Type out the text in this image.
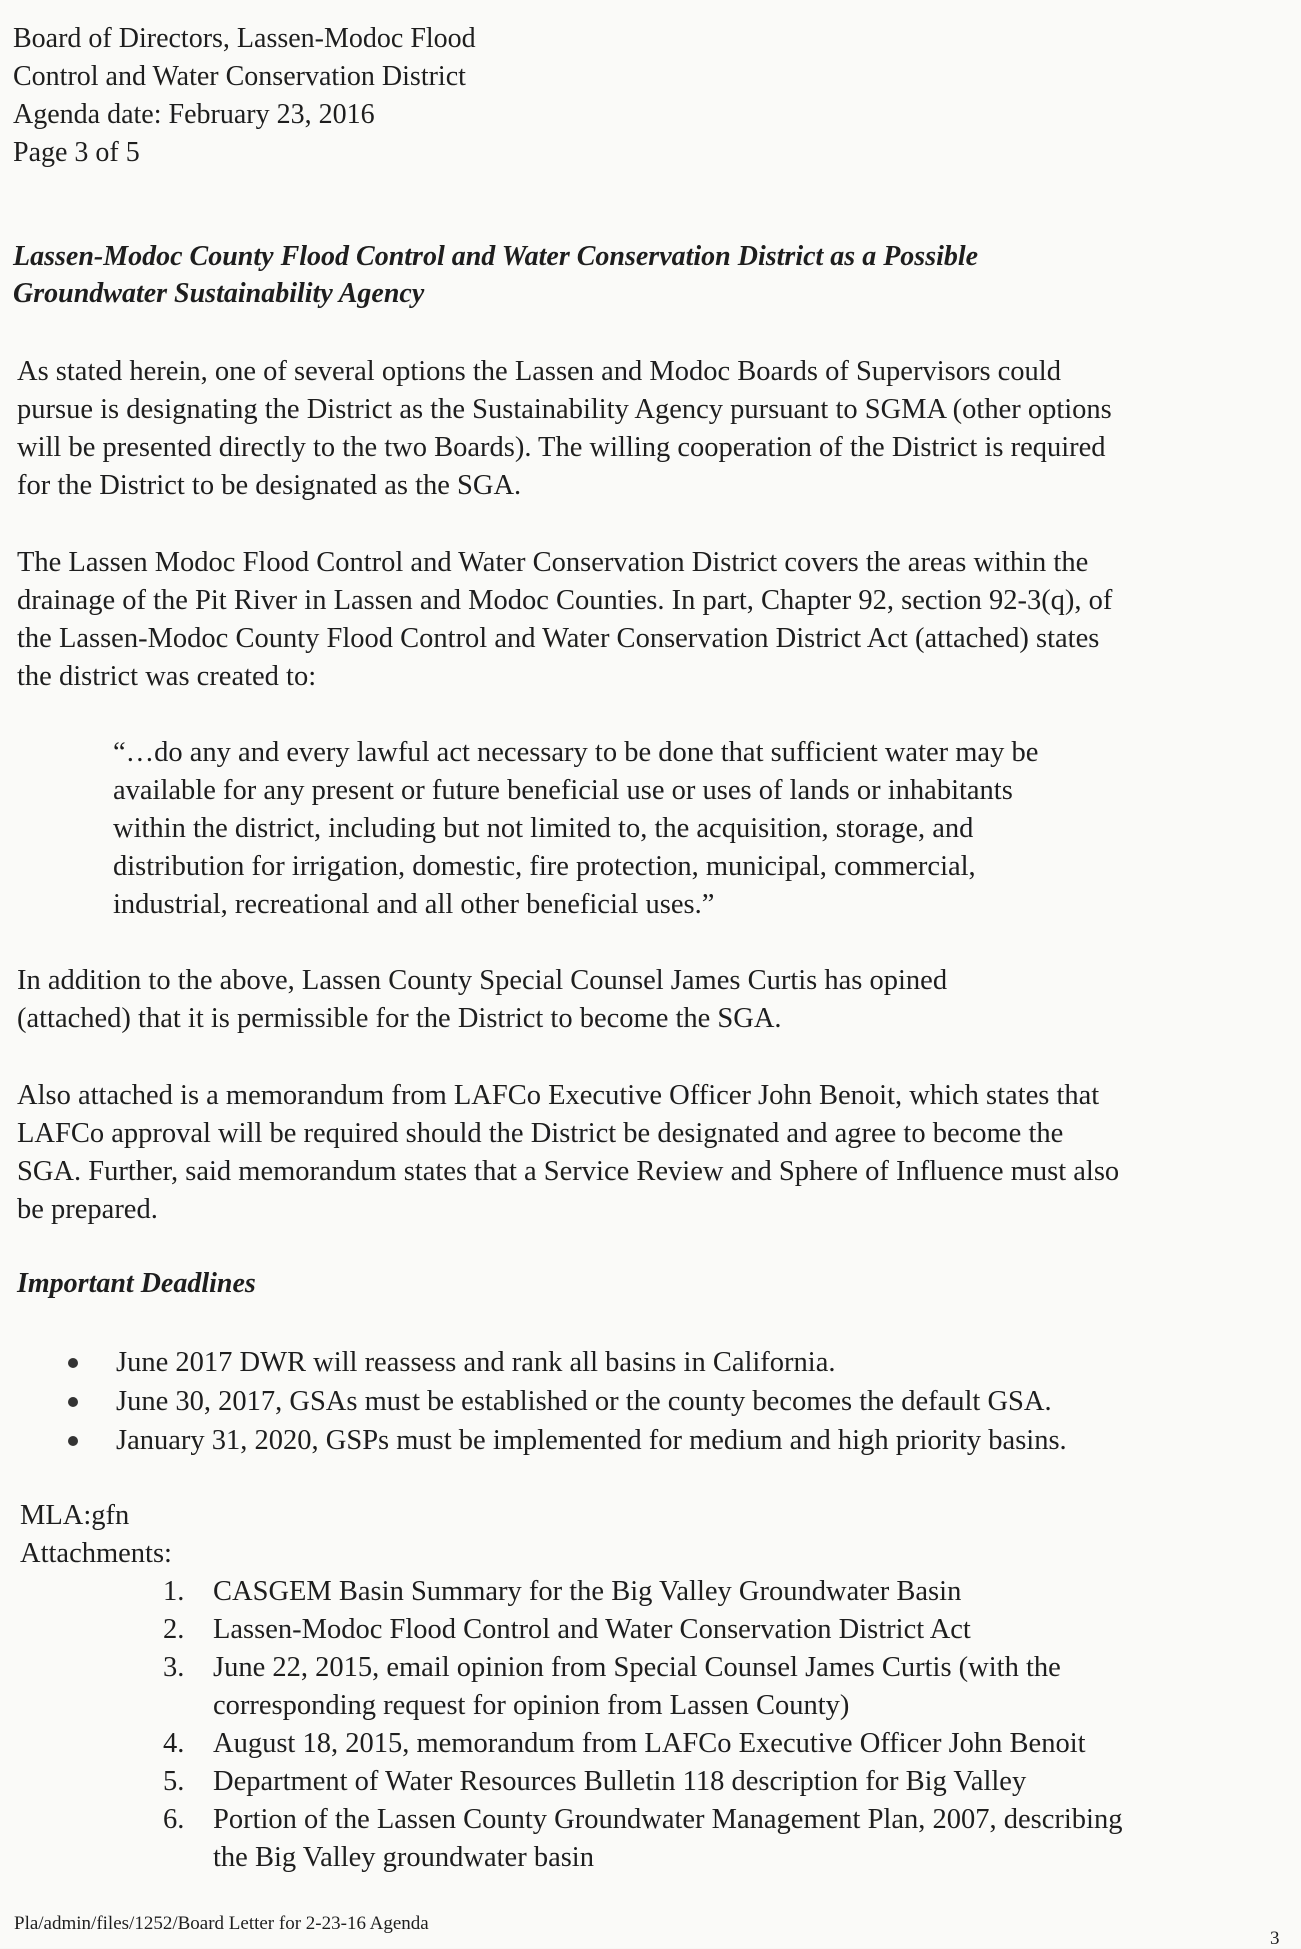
Board of Directors, Lassen-Modoc Flood
Control and Water Conservation District
Agenda date: February 23, 2016
Page 3 of 5
Lassen-Modoc County Flood Control and Water Conservation District as a Possible
Groundwater Sustainability Agency
As stated herein, one of several options the Lassen and Modoc Boards of Supervisors could
pursue is designating the District as the Sustainability Agency pursuant to SGMA (other options
will be presented directly to the two Boards). The willing cooperation of the District is required
for the District to be designated as the SGA.
The Lassen Modoc Flood Control and Water Conservation District covers the areas within the
drainage of the Pit River in Lassen and Modoc Counties. In part, Chapter 92, section 92-3(q), of
the Lassen-Modoc County Flood Control and Water Conservation District Act (attached) states
the district was created to:
“…do any and every lawful act necessary to be done that sufficient water may be
available for any present or future beneficial use or uses of lands or inhabitants
within the district, including but not limited to, the acquisition, storage, and
distribution for irrigation, domestic, fire protection, municipal, commercial,
industrial, recreational and all other beneficial uses.”
In addition to the above, Lassen County Special Counsel James Curtis has opined
(attached) that it is permissible for the District to become the SGA.
Also attached is a memorandum from LAFCo Executive Officer John Benoit, which states that
LAFCo approval will be required should the District be designated and agree to become the
SGA. Further, said memorandum states that a Service Review and Sphere of Influence must also
be prepared.
Important Deadlines
June 2017 DWR will reassess and rank all basins in California.
June 30, 2017, GSAs must be established or the county becomes the default GSA.
January 31, 2020, GSPs must be implemented for medium and high priority basins.
MLA:gfn
Attachments:
1. CASGEM Basin Summary for the Big Valley Groundwater Basin
2. Lassen-Modoc Flood Control and Water Conservation District Act
3. June 22, 2015, email opinion from Special Counsel James Curtis (with the
corresponding request for opinion from Lassen County)
4. August 18, 2015, memorandum from LAFCo Executive Officer John Benoit
5. Department of Water Resources Bulletin 118 description for Big Valley
6. Portion of the Lassen County Groundwater Management Plan, 2007, describing
the Big Valley groundwater basin
Pla/admin/files/1252/Board Letter for 2-23-16 Agenda
3
